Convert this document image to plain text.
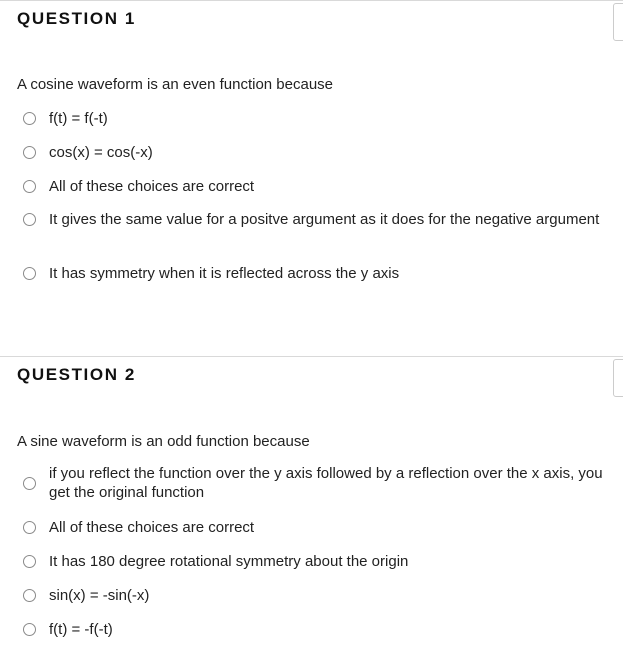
QUESTION 1
A cosine waveform is an even function because
f(t) = f(-t)
cos(x) = cos(-x)
All of these choices are correct
It gives the same value for a positve argument as it does for the negative argument
It has symmetry when it is reflected across the y axis
QUESTION 2
A sine waveform is an odd function because
if you reflect the function over the y axis followed by a reflection over the x axis, you get the original function
All of these choices are correct
It has 180 degree rotational symmetry about the origin
sin(x) = -sin(-x)
f(t) = -f(-t)
